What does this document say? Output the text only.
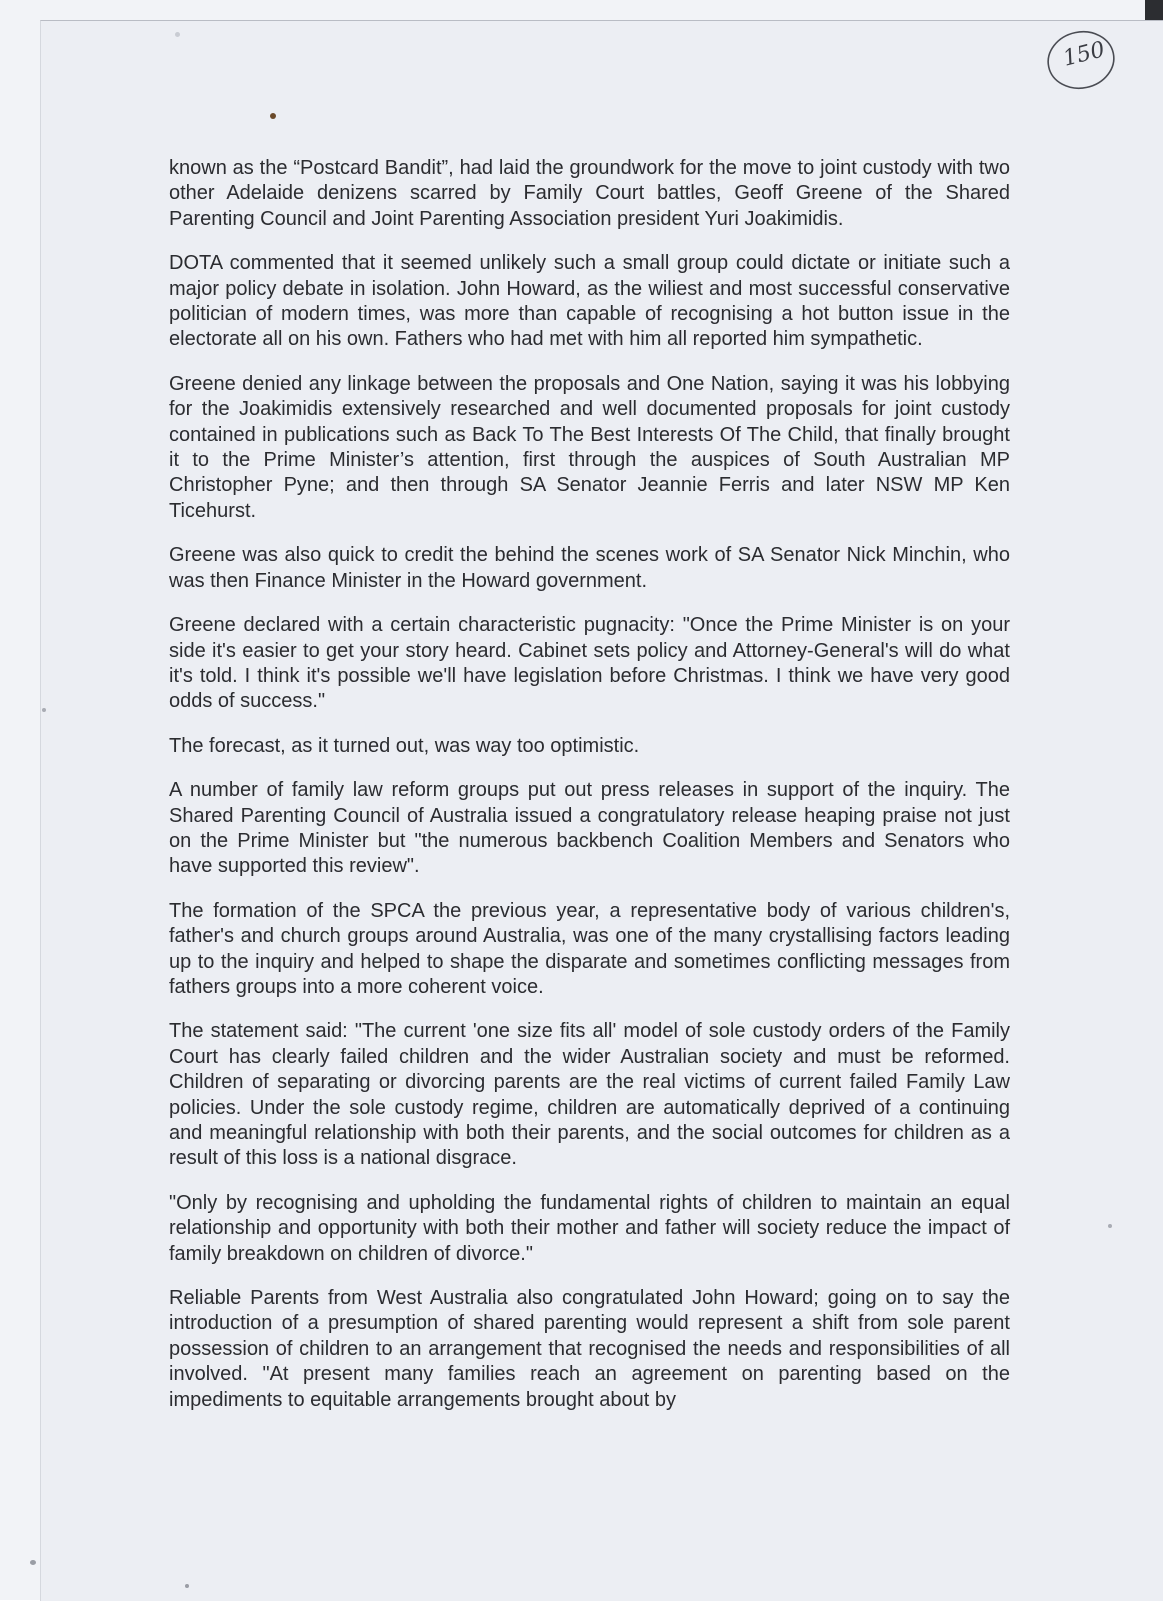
150

known as the “Postcard Bandit”, had laid the groundwork for the move to joint custody with two other Adelaide denizens scarred by Family Court battles, Geoff Greene of the Shared Parenting Council and Joint Parenting Association president Yuri Joakimidis.

DOTA commented that it seemed unlikely such a small group could dictate or initiate such a major policy debate in isolation. John Howard, as the wiliest and most successful conservative politician of modern times, was more than capable of recognising a hot button issue in the electorate all on his own. Fathers who had met with him all reported him sympathetic.

Greene denied any linkage between the proposals and One Nation, saying it was his lobbying for the Joakimidis extensively researched and well documented proposals for joint custody contained in publications such as Back To The Best Interests Of The Child, that finally brought it to the Prime Minister’s attention, first through the auspices of South Australian MP Christopher Pyne; and then through SA Senator Jeannie Ferris and later NSW MP Ken Ticehurst.

Greene was also quick to credit the behind the scenes work of SA Senator Nick Minchin, who was then Finance Minister in the Howard government.

Greene declared with a certain characteristic pugnacity: "Once the Prime Minister is on your side it's easier to get your story heard. Cabinet sets policy and Attorney-General's will do what it's told. I think it's possible we'll have legislation before Christmas. I think we have very good odds of success."

The forecast, as it turned out, was way too optimistic.

A number of family law reform groups put out press releases in support of the inquiry. The Shared Parenting Council of Australia issued a congratulatory release heaping praise not just on the Prime Minister but "the numerous backbench Coalition Members and Senators who have supported this review".

The formation of the SPCA the previous year, a representative body of various children's, father's and church groups around Australia, was one of the many crystallising factors leading up to the inquiry and helped to shape the disparate and sometimes conflicting messages from fathers groups into a more coherent voice.

The statement said: "The current 'one size fits all' model of sole custody orders of the Family Court has clearly failed children and the wider Australian society and must be reformed. Children of separating or divorcing parents are the real victims of current failed Family Law policies. Under the sole custody regime, children are automatically deprived of a continuing and meaningful relationship with both their parents, and the social outcomes for children as a result of this loss is a national disgrace.

"Only by recognising and upholding the fundamental rights of children to maintain an equal relationship and opportunity with both their mother and father will society reduce the impact of family breakdown on children of divorce."

Reliable Parents from West Australia also congratulated John Howard; going on to say the introduction of a presumption of shared parenting would represent a shift from sole parent possession of children to an arrangement that recognised the needs and responsibilities of all involved. "At present many families reach an agreement on parenting based on the impediments to equitable arrangements brought about by
